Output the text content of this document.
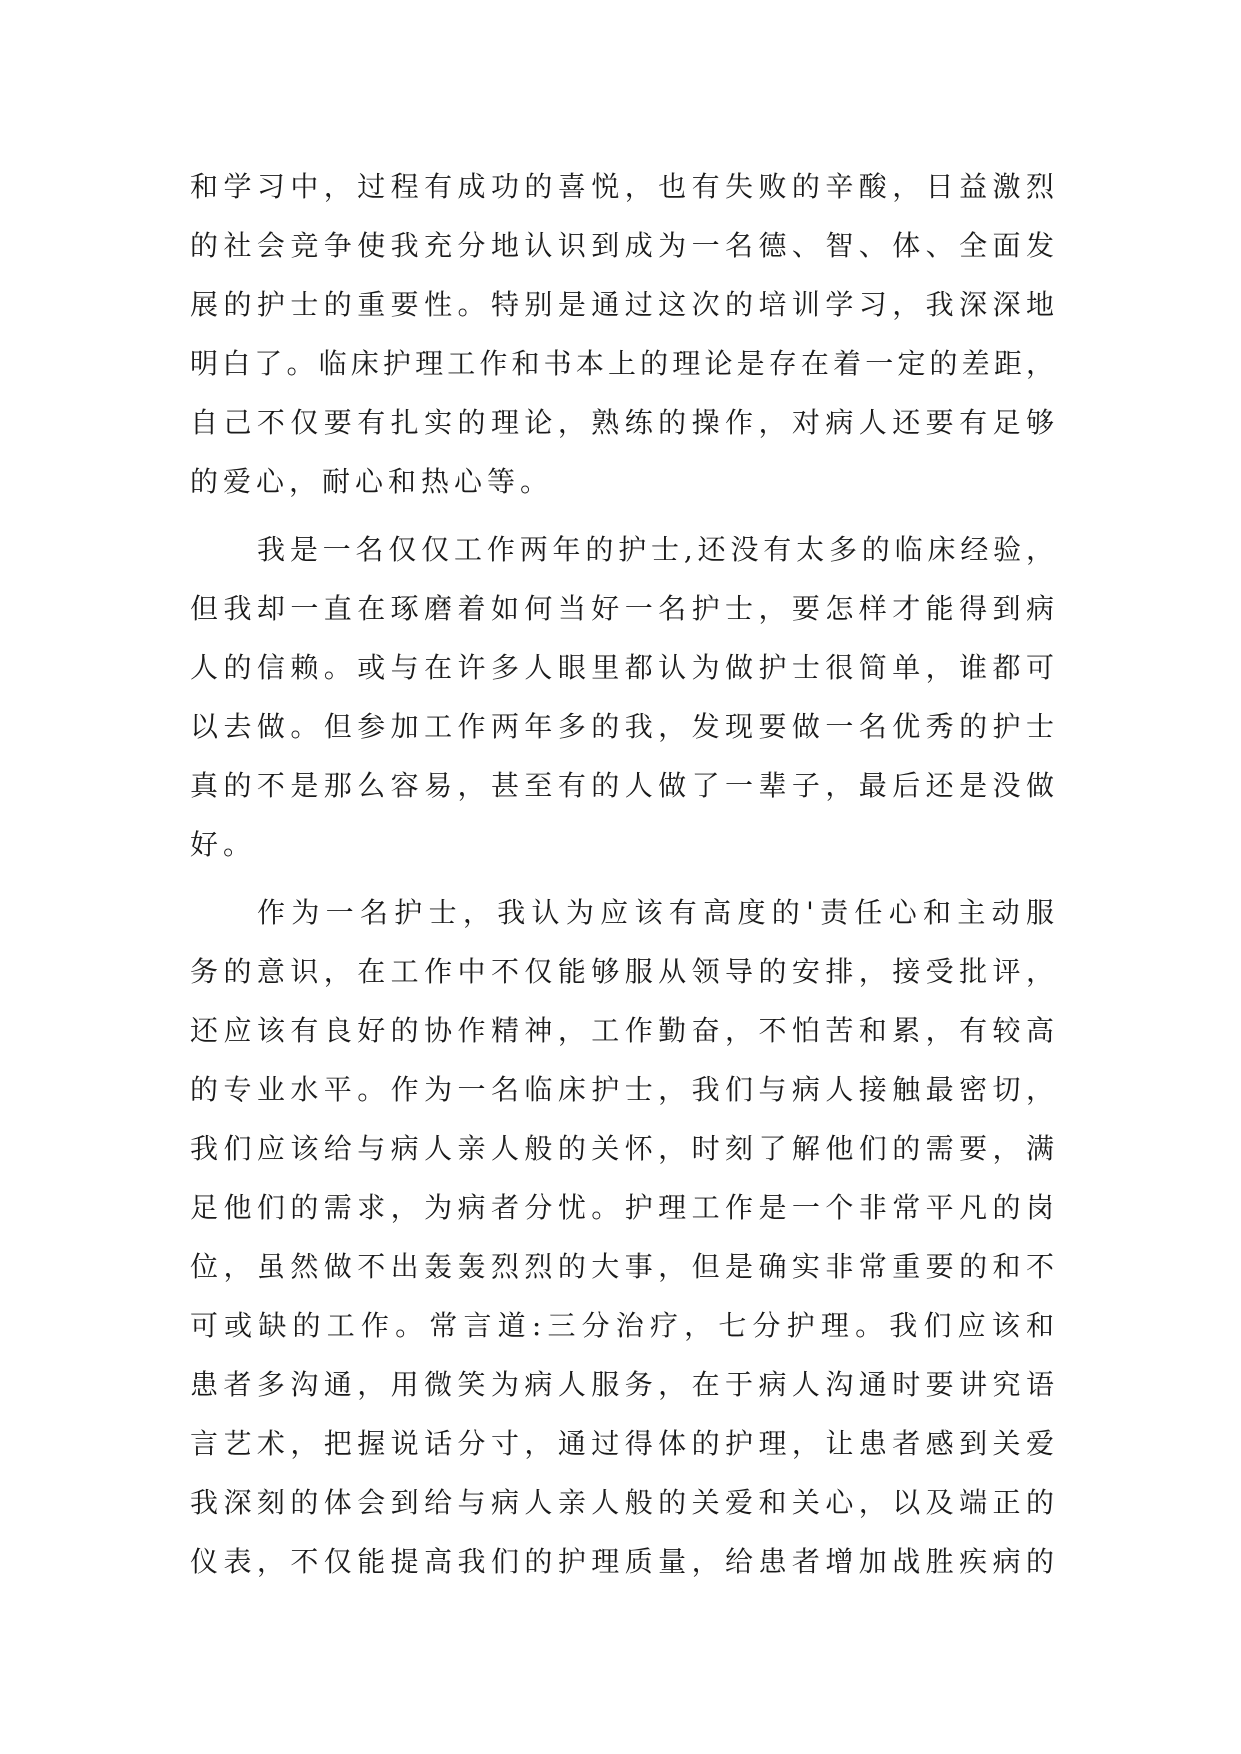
和学习中，过程有成功的喜悦，也有失败的辛酸，日益激烈
的社会竞争使我充分地认识到成为一名德、智、体、全面发
展的护士的重要性。特别是通过这次的培训学习，我深深地
明白了。临床护理工作和书本上的理论是存在着一定的差距，
自己不仅要有扎实的理论，熟练的操作，对病人还要有足够
的爱心，耐心和热心等。
我是一名仅仅工作两年的护士,还没有太多的临床经验，
但我却一直在琢磨着如何当好一名护士，要怎样才能得到病
人的信赖。或与在许多人眼里都认为做护士很简单，谁都可
以去做。但参加工作两年多的我，发现要做一名优秀的护士
真的不是那么容易，甚至有的人做了一辈子，最后还是没做
好。
作为一名护士，我认为应该有高度的'责任心和主动服
务的意识，在工作中不仅能够服从领导的安排，接受批评，
还应该有良好的协作精神，工作勤奋，不怕苦和累，有较高
的专业水平。作为一名临床护士，我们与病人接触最密切，
我们应该给与病人亲人般的关怀，时刻了解他们的需要，满
足他们的需求，为病者分忧。护理工作是一个非常平凡的岗
位，虽然做不出轰轰烈烈的大事，但是确实非常重要的和不
可或缺的工作。常言道:三分治疗，七分护理。我们应该和
患者多沟通，用微笑为病人服务，在于病人沟通时要讲究语
言艺术，把握说话分寸，通过得体的护理，让患者感到关爱
我深刻的体会到给与病人亲人般的关爱和关心，以及端正的
仪表，不仅能提高我们的护理质量，给患者增加战胜疾病的
